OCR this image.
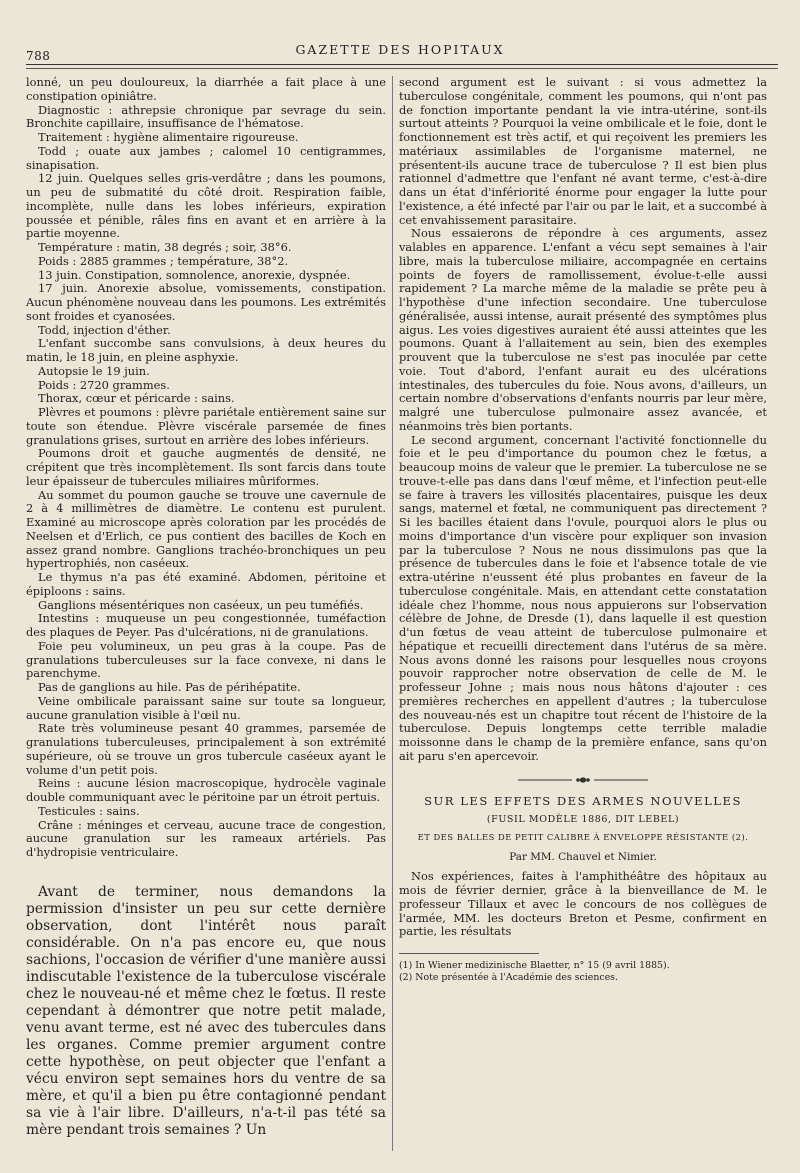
788	GAZETTE DES HOPITAUX

lonné, un peu douloureux, la diarrhée a fait place à une constipation opiniâtre.

Diagnostic : athrepsie chronique par sevrage du sein. Bronchite capillaire, insuffisance de l'hématose.

Traitement : hygiène alimentaire rigoureuse.

Todd ; ouate aux jambes ; calomel 10 centigrammes, sinapisation.

12 juin. Quelques selles gris-verdâtre ; dans les poumons, un peu de submatité du côté droit. Respiration faible, incomplète, nulle dans les lobes inférieurs, expiration poussée et pénible, râles fins en avant et en arrière à la partie moyenne.

Température : matin, 38 degrés ; soir, 38°6.

Poids : 2885 grammes ; température, 38°2.

13 juin. Constipation, somnolence, anorexie, dyspnée.

17 juin. Anorexie absolue, vomissements, constipation. Aucun phénomène nouveau dans les poumons. Les extrémités sont froides et cyanosées.

Todd, injection d'éther.

L'enfant succombe sans convulsions, à deux heures du matin, le 18 juin, en pleine asphyxie.

Autopsie le 19 juin.

Poids : 2720 grammes.

Thorax, cœur et péricarde : sains.

Plèvres et poumons : plèvre pariétale entièrement saine sur toute son étendue. Plèvre viscérale parsemée de fines granulations grises, surtout en arrière des lobes inférieurs.

Poumons droit et gauche augmentés de densité, ne crépitent que très incomplètement. Ils sont farcis dans toute leur épaisseur de tubercules miliaires mûriformes.

Au sommet du poumon gauche se trouve une cavernule de 2 à 4 millimètres de diamètre. Le contenu est purulent. Examiné au microscope après coloration par les procédés de Neelsen et d'Erlich, ce pus contient des bacilles de Koch en assez grand nombre. Ganglions trachéo-bronchiques un peu hypertrophiés, non caséeux.

Le thymus n'a pas été examiné. Abdomen, péritoine et épiploons : sains.

Ganglions mésentériques non caséeux, un peu tuméfiés.

Intestins : muqueuse un peu congestionnée, tuméfaction des plaques de Peyer. Pas d'ulcérations, ni de granulations.

Foie peu volumineux, un peu gras à la coupe. Pas de granulations tuberculeuses sur la face convexe, ni dans le parenchyme.

Pas de ganglions au hile. Pas de périhépatite.

Veine ombilicale paraissant saine sur toute sa longueur, aucune granulation visible à l'œil nu.

Rate très volumineuse pesant 40 grammes, parsemée de granulations tuberculeuses, principalement à son extrémité supérieure, où se trouve un gros tubercule caséeux ayant le volume d'un petit pois.

Reins : aucune lésion macroscopique, hydrocèle vaginale double communiquant avec le péritoine par un étroit pertuis.

Testicules : sains.

Crâne : méninges et cerveau, aucune trace de congestion, aucune granulation sur les rameaux artériels. Pas d'hydropisie ventriculaire.

Avant de terminer, nous demandons la permission d'insister un peu sur cette dernière observation, dont l'intérêt nous paraît considérable. On n'a pas encore eu, que nous sachions, l'occasion de vérifier d'une manière aussi indiscutable l'existence de la tuberculose viscérale chez le nouveau-né et même chez le fœtus. Il reste cependant à démontrer que notre petit malade, venu avant terme, est né avec des tubercules dans les organes. Comme premier argument contre cette hypothèse, on peut objecter que l'enfant a vécu environ sept semaines hors du ventre de sa mère, et qu'il a bien pu être contagionné pendant sa vie à l'air libre. D'ailleurs, n'a-t-il pas tété sa mère pendant trois semaines ? Un

second argument est le suivant : si vous admettez la tuberculose congénitale, comment les poumons, qui n'ont pas de fonction importante pendant la vie intra-utérine, sont-ils surtout atteints ? Pourquoi la veine ombilicale et le foie, dont le fonctionnement est très actif, et qui reçoivent les premiers les matériaux assimilables de l'organisme maternel, ne présentent-ils aucune trace de tuberculose ? Il est bien plus rationnel d'admettre que l'enfant né avant terme, c'est-à-dire dans un état d'infériorité énorme pour engager la lutte pour l'existence, a été infecté par l'air ou par le lait, et a succombé à cet envahissement parasitaire.

Nous essaierons de répondre à ces arguments, assez valables en apparence. L'enfant a vécu sept semaines à l'air libre, mais la tuberculose miliaire, accompagnée en certains points de foyers de ramollissement, évolue-t-elle aussi rapidement ? La marche même de la maladie se prête peu à l'hypothèse d'une infection secondaire. Une tuberculose généralisée, aussi intense, aurait présenté des symptômes plus aigus. Les voies digestives auraient été aussi atteintes que les poumons. Quant à l'allaitement au sein, bien des exemples prouvent que la tuberculose ne s'est pas inoculée par cette voie. Tout d'abord, l'enfant aurait eu des ulcérations intestinales, des tubercules du foie. Nous avons, d'ailleurs, un certain nombre d'observations d'enfants nourris par leur mère, malgré une tuberculose pulmonaire assez avancée, et néanmoins très bien portants.

Le second argument, concernant l'activité fonctionnelle du foie et le peu d'importance du poumon chez le fœtus, a beaucoup moins de valeur que le premier. La tuberculose ne se trouve-t-elle pas dans dans l'œuf même, et l'infection peut-elle se faire à travers les villosités placentaires, puisque les deux sangs, maternel et fœtal, ne communiquent pas directement ? Si les bacilles étaient dans l'ovule, pourquoi alors le plus ou moins d'importance d'un viscère pour expliquer son invasion par la tuberculose ? Nous ne nous dissimulons pas que la présence de tubercules dans le foie et l'absence totale de vie extra-utérine n'eussent été plus probantes en faveur de la tuberculose congénitale. Mais, en attendant cette constatation idéale chez l'homme, nous nous appuierons sur l'observation célèbre de Johne, de Dresde (1), dans laquelle il est question d'un fœtus de veau atteint de tuberculose pulmonaire et hépatique et recueilli directement dans l'utérus de sa mère. Nous avons donné les raisons pour lesquelles nous croyons pouvoir rapprocher notre observation de celle de M. le professeur Johne ; mais nous nous hâtons d'ajouter : ces premières recherches en appellent d'autres ; la tuberculose des nouveau-nés est un chapitre tout récent de l'histoire de la tuberculose. Depuis longtemps cette terrible maladie moissonne dans le champ de la première enfance, sans qu'on ait paru s'en apercevoir.

SUR LES EFFETS DES ARMES NOUVELLES
(FUSIL MODÈLE 1886, DIT LEBEL)
ET DES BALLES DE PETIT CALIBRE À ENVELOPPE RÉSISTANTE (2).
Par MM. Chauvel et Nimier.

Nos expériences, faites à l'amphithéâtre des hôpitaux au mois de février dernier, grâce à la bienveillance de M. le professeur Tillaux et avec le concours de nos collègues de l'armée, MM. les docteurs Breton et Pesme, confirment en partie, les résultats

(1) In Wiener medizinische Blaetter, n° 15 (9 avril 1885).

(2) Note présentée à l'Académie des sciences.
